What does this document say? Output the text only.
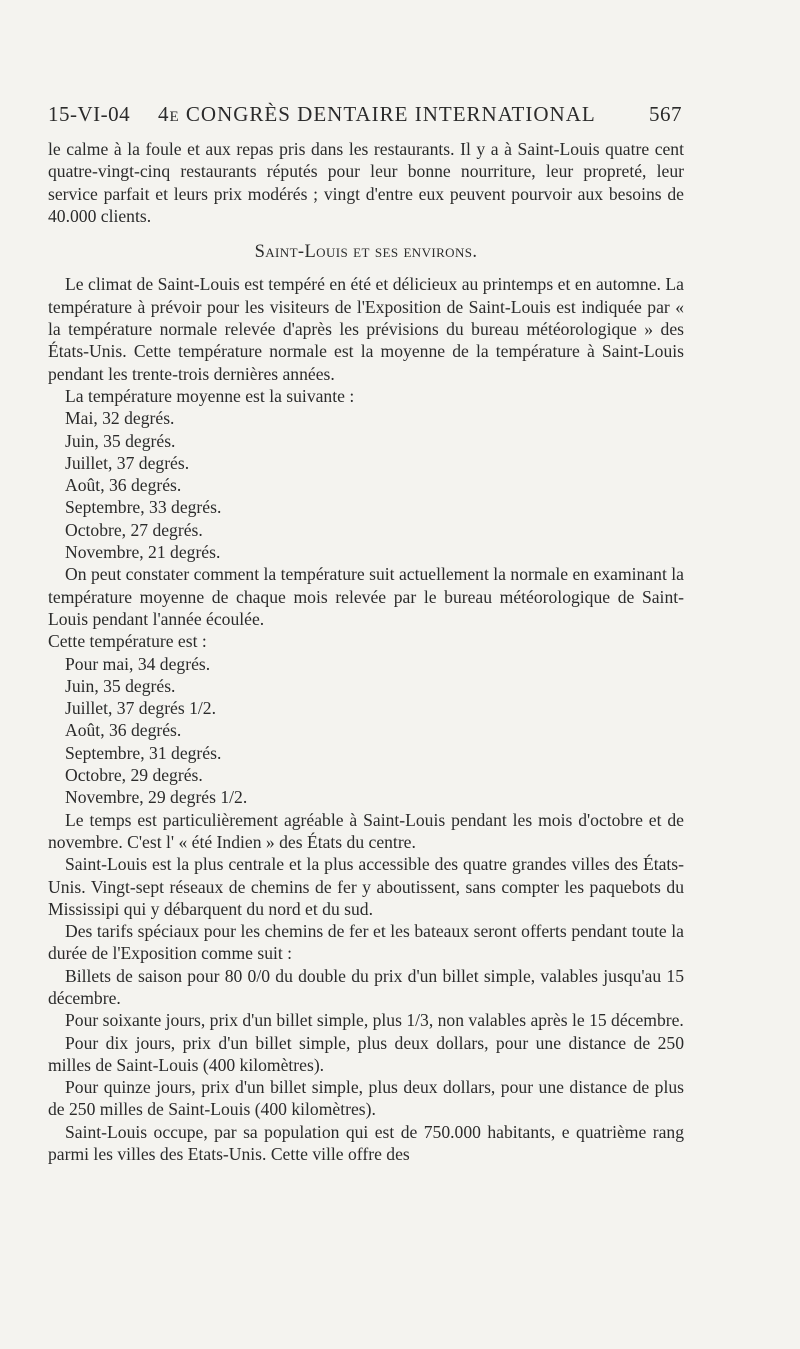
15-VI-04 4e CONGRÈS DENTAIRE INTERNATIONAL	567

le calme à la foule et aux repas pris dans les restaurants. Il y a à Saint-Louis quatre cent quatre-vingt-cinq restaurants réputés pour leur bonne nourriture, leur propreté, leur service parfait et leurs prix modérés ; vingt d'entre eux peuvent pourvoir aux besoins de 40.000 clients.

Saint-Louis et ses environs.

Le climat de Saint-Louis est tempéré en été et délicieux au printemps et en automne. La température à prévoir pour les visiteurs de l'Exposition de Saint-Louis est indiquée par « la température normale relevée d'après les prévisions du bureau météorologique » des États-Unis. Cette température normale est la moyenne de la température à Saint-Louis pendant les trente-trois dernières années.

La température moyenne est la suivante :

Mai, 32 degrés.
Juin, 35 degrés.
Juillet, 37 degrés.
Août, 36 degrés.
Septembre, 33 degrés.
Octobre, 27 degrés.
Novembre, 21 degrés.

On peut constater comment la température suit actuellement la normale en examinant la température moyenne de chaque mois relevée par le bureau météorologique de Saint-Louis pendant l'année écoulée.

Cette température est :

Pour mai, 34 degrés.
Juin, 35 degrés.
Juillet, 37 degrés 1/2.
Août, 36 degrés.
Septembre, 31 degrés.
Octobre, 29 degrés.
Novembre, 29 degrés 1/2.

Le temps est particulièrement agréable à Saint-Louis pendant les mois d'octobre et de novembre. C'est l' « été Indien » des États du centre.

Saint-Louis est la plus centrale et la plus accessible des quatre grandes villes des États-Unis. Vingt-sept réseaux de chemins de fer y aboutissent, sans compter les paquebots du Mississipi qui y débarquent du nord et du sud.

Des tarifs spéciaux pour les chemins de fer et les bateaux seront offerts pendant toute la durée de l'Exposition comme suit :

Billets de saison pour 80 0/0 du double du prix d'un billet simple, valables jusqu'au 15 décembre.

Pour soixante jours, prix d'un billet simple, plus 1/3, non valables après le 15 décembre.

Pour dix jours, prix d'un billet simple, plus deux dollars, pour une distance de 250 milles de Saint-Louis (400 kilomètres).

Pour quinze jours, prix d'un billet simple, plus deux dollars, pour une distance de plus de 250 milles de Saint-Louis (400 kilomètres).

Saint-Louis occupe, par sa population qui est de 750.000 habitants, e quatrième rang parmi les villes des Etats-Unis. Cette ville offre des
